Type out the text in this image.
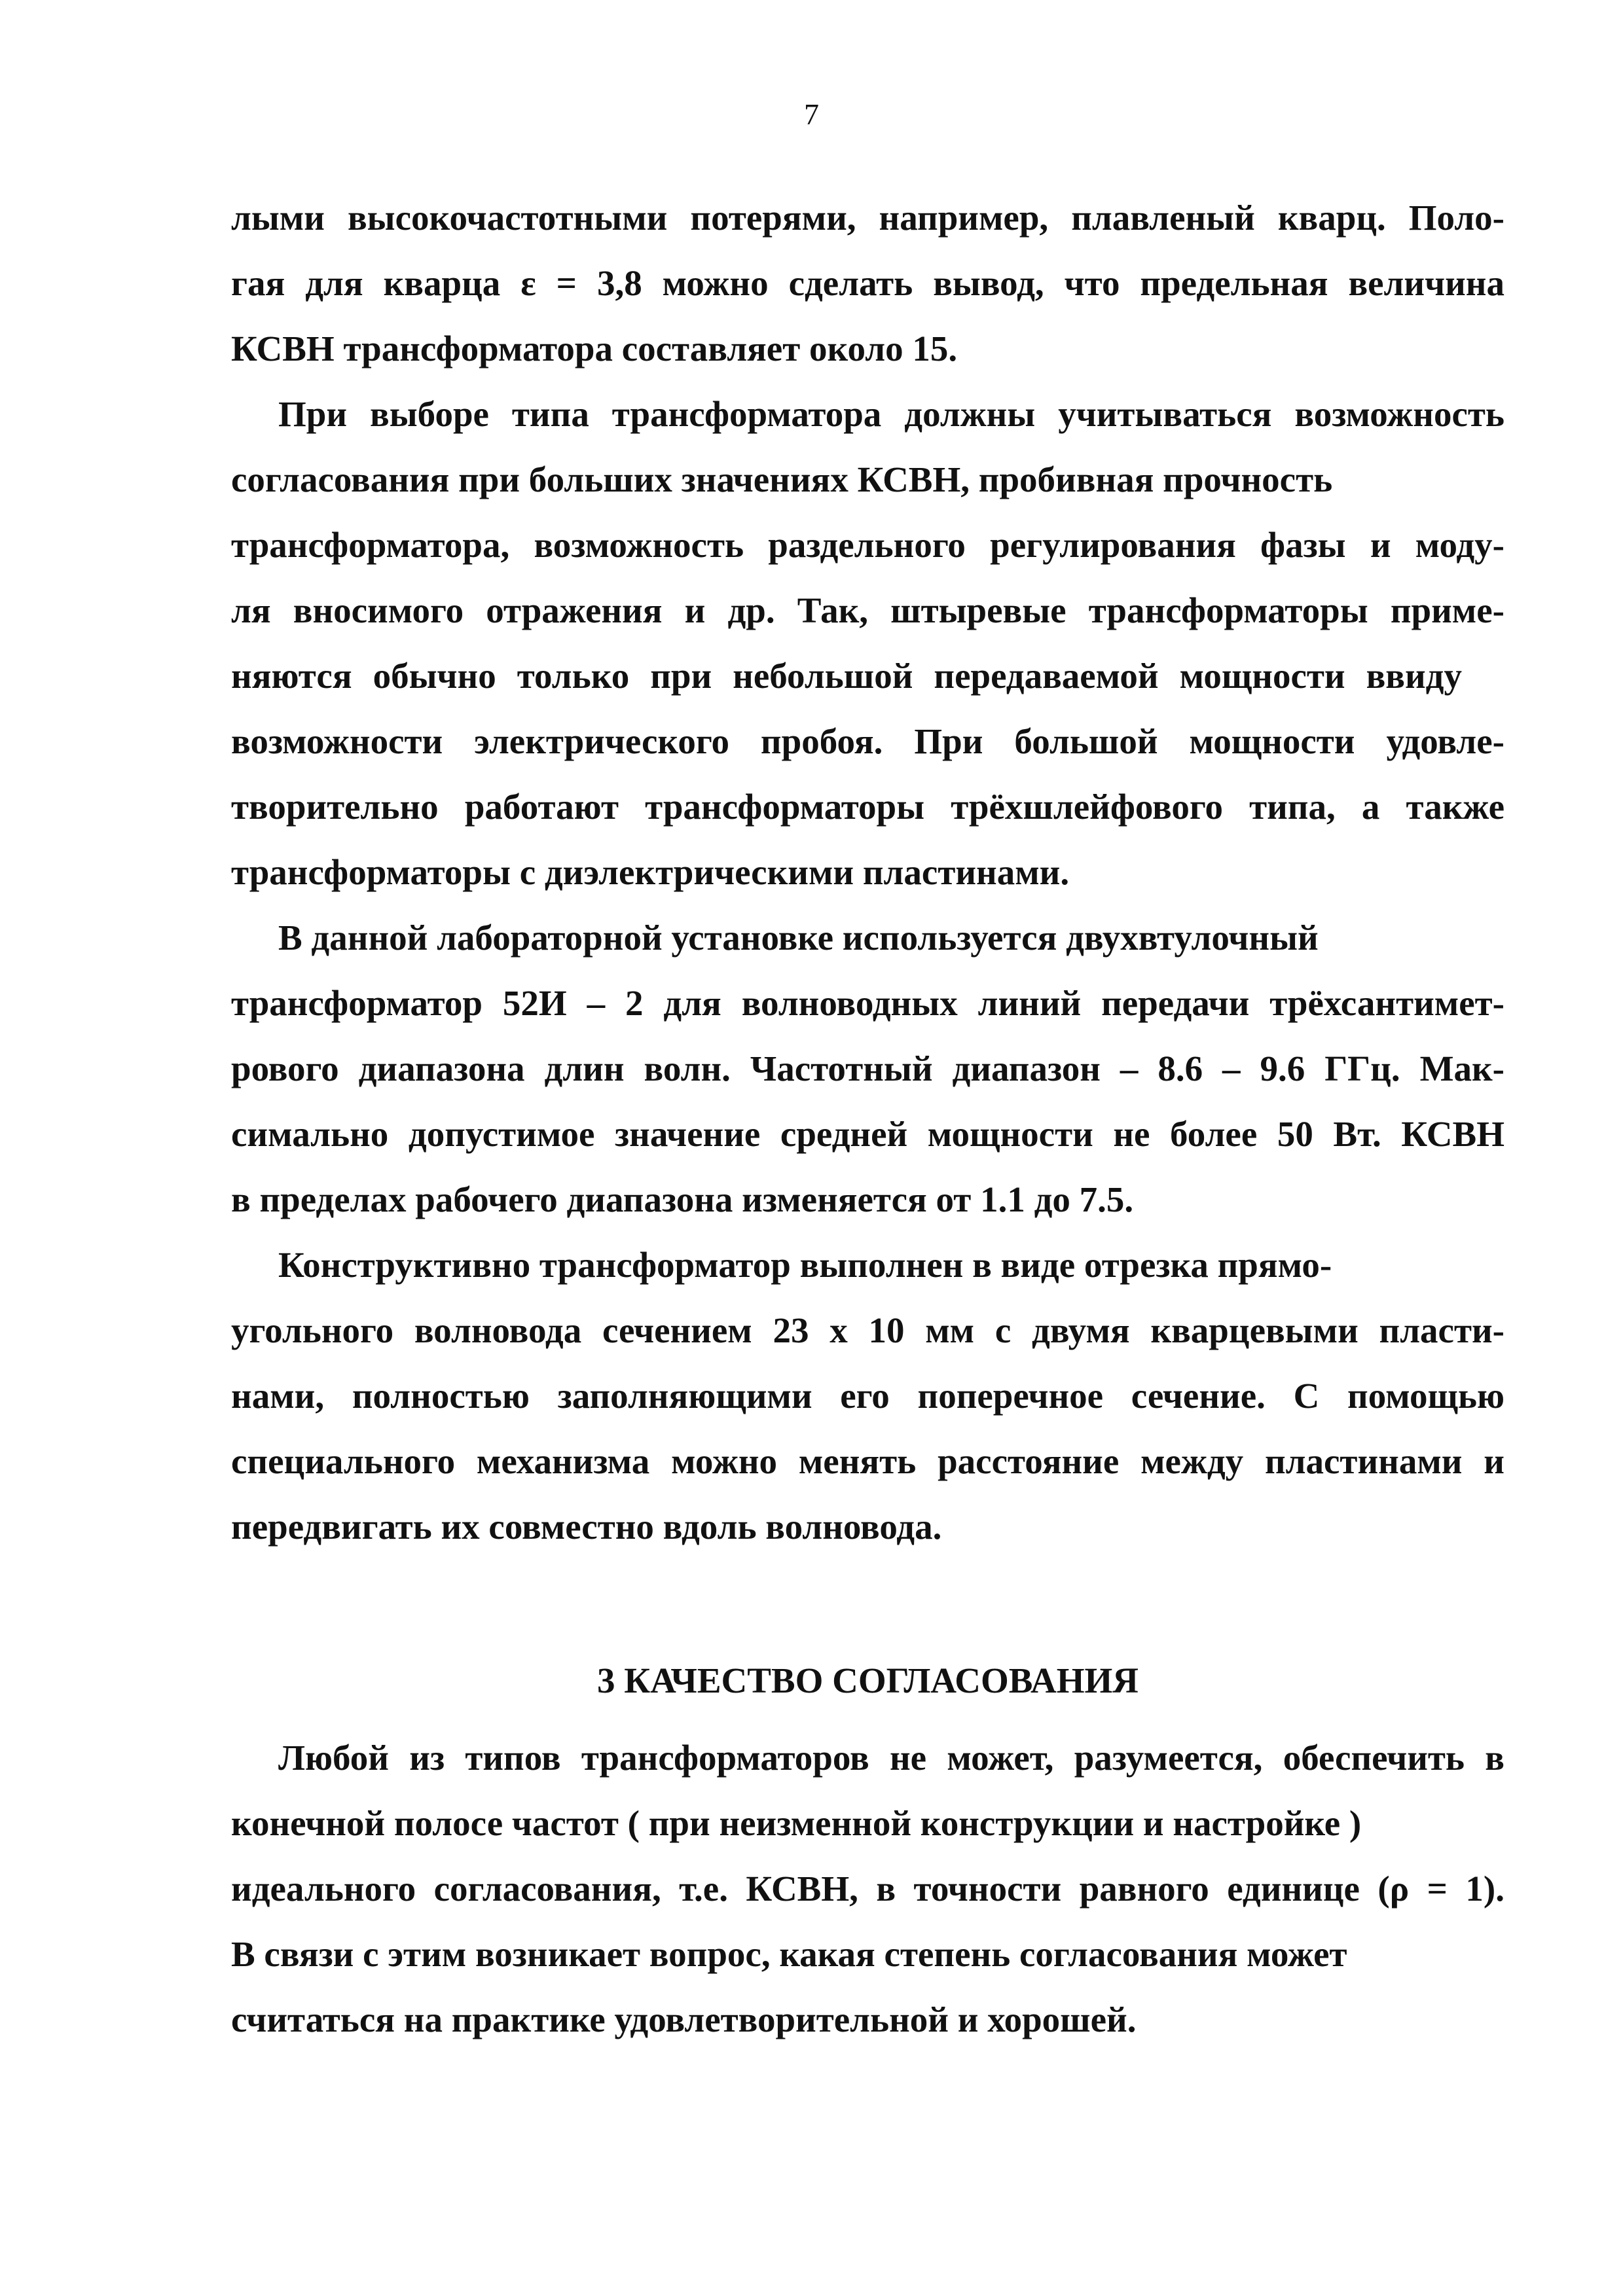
7

лыми высокочастотными потерями, например, плавленый кварц. Поло-
гая для кварца ε = 3,8 можно сделать вывод, что предельная величина
КСВН трансформатора составляет около 15.

При выборе типа трансформатора должны учитываться возможность
согласования при больших значениях КСВН, пробивная прочность
трансформатора, возможность раздельного регулирования фазы и моду-
ля вносимого отражения и др. Так, штыревые трансформаторы приме-
няются обычно только при небольшой передаваемой мощности ввиду
возможности электрического пробоя. При большой мощности удовле-
творительно работают трансформаторы трёхшлейфового типа, а также
трансформаторы с диэлектрическими пластинами.

В данной лабораторной установке используется двухвтулочный
трансформатор 52И – 2 для волноводных линий передачи трёхсантимет-
рового диапазона длин волн. Частотный диапазон – 8.6 – 9.6 ГГц. Мак-
симально допустимое значение средней мощности не более 50 Вт. КСВН
в пределах рабочего диапазона изменяется от 1.1 до 7.5.

Конструктивно трансформатор выполнен в виде отрезка прямо-
угольного волновода сечением 23 х 10 мм с двумя кварцевыми пласти-
нами, полностью заполняющими его поперечное сечение. С помощью
специального механизма можно менять расстояние между пластинами и
передвигать их совместно вдоль волновода.

3 КАЧЕСТВО СОГЛАСОВАНИЯ

Любой из типов трансформаторов не может, разумеется, обеспечить в
конечной полосе частот ( при неизменной конструкции и настройке )
идеального согласования, т.е. КСВН, в точности равного единице (ρ = 1).
В связи с этим возникает вопрос, какая степень согласования может
считаться на практике удовлетворительной и хорошей.
